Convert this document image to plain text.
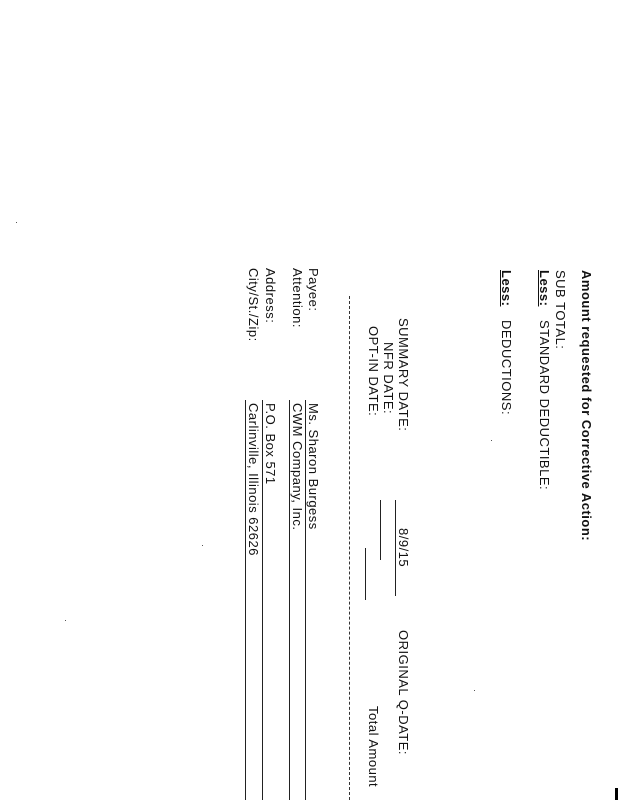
Amount requested for Corrective Action:
SUB TOTAL:
Less:
STANDARD DEDUCTIBLE:
Less:
DEDUCTIONS:
SUMMARY DATE:
8/9/15
NFR DATE:
OPT-IN DATE:
ORIGINAL Q-DATE:
Total Amount
Payee:
Ms. Sharon Burgess
Attention:
CWM Company, Inc.
Address:
P.O. Box 571
City/St./Zip:
Carlinville, Illinois 62626
